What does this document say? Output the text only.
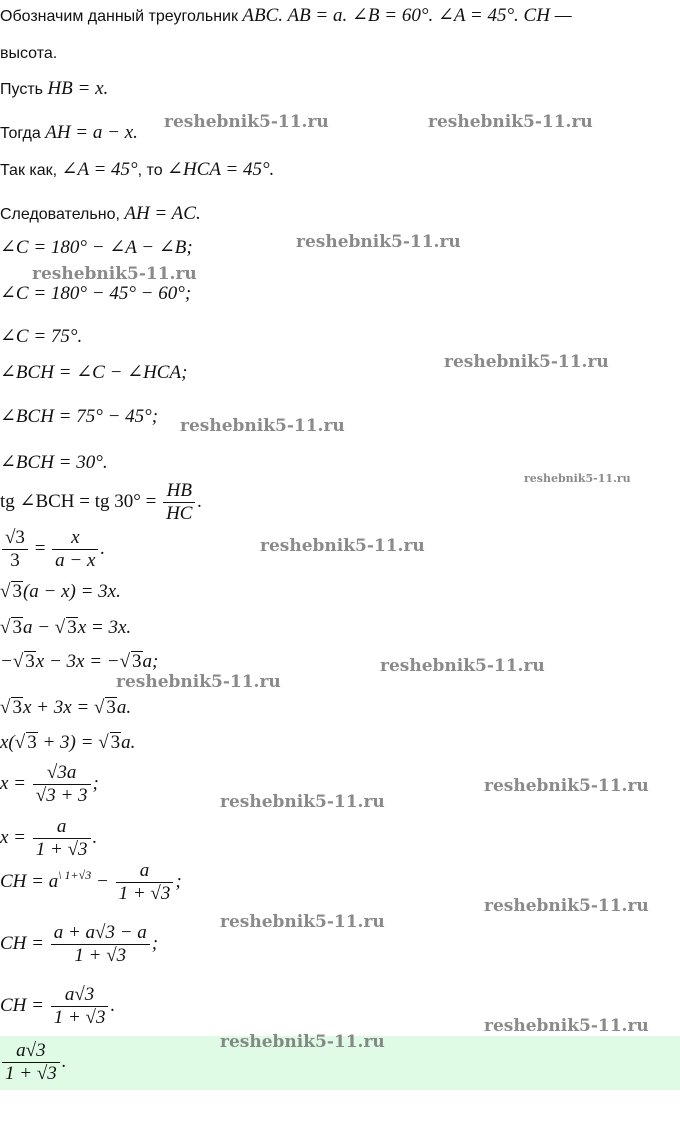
Обозначим данный треугольник ABC. AB = a. ∠B = 60°. ∠A = 45°. CH —
высота.
Пусть HB = x.
Тогда AH = a − x.
Так как, ∠A = 45°, то ∠HCA = 45°.
Следовательно, AH = AC.
∠C = 180° − ∠A − ∠B;
∠C = 180° − 45° − 60°;
∠C = 75°.
∠BCH = ∠C − ∠HCA;
∠BCH = 75° − 45°;
∠BCH = 30°.
tg ∠BCH = tg $30^\circ = \frac{HB}{HC}$ .
$\frac{√3}{3} = \frac{x}{a - x}$ .
√ 3(a − x) = 3x.
√ 3a − √ 3x = 3x.
−√ 3x − 3x = −√ 3a;
√ 3x + 3x = √ 3a.
x(√ 3 + 3) = √ 3a.
$x = \frac{√3a}{√3 + 3}$ ;
$x = \frac{a}{1 + √3}$ .
CH = $a^{\backslash 1+√3} - \frac{a}{1 + √3}$ ;
CH = $\frac{a + a√3 - a}{1 + √3}$ ;
CH = $\frac{a√3}{1 + √3}$ .
$\frac{a√3}{1 + √3}$ .
reshebnik5-11.ru	reshebnik5-11.ru
reshebnik5-11.ru
reshebnik5-11.ru
reshebnik5-11.ru
reshebnik5-11.ru
reshebnik5-11.ru
reshebnik5-11.ru
reshebnik5-11.ru
reshebnik5-11.ru
reshebnik5-11.ru
reshebnik5-11.ru
reshebnik5-11.ru
reshebnik5-11.ru
reshebnik5-11.ru
reshebnik5-11.ru
